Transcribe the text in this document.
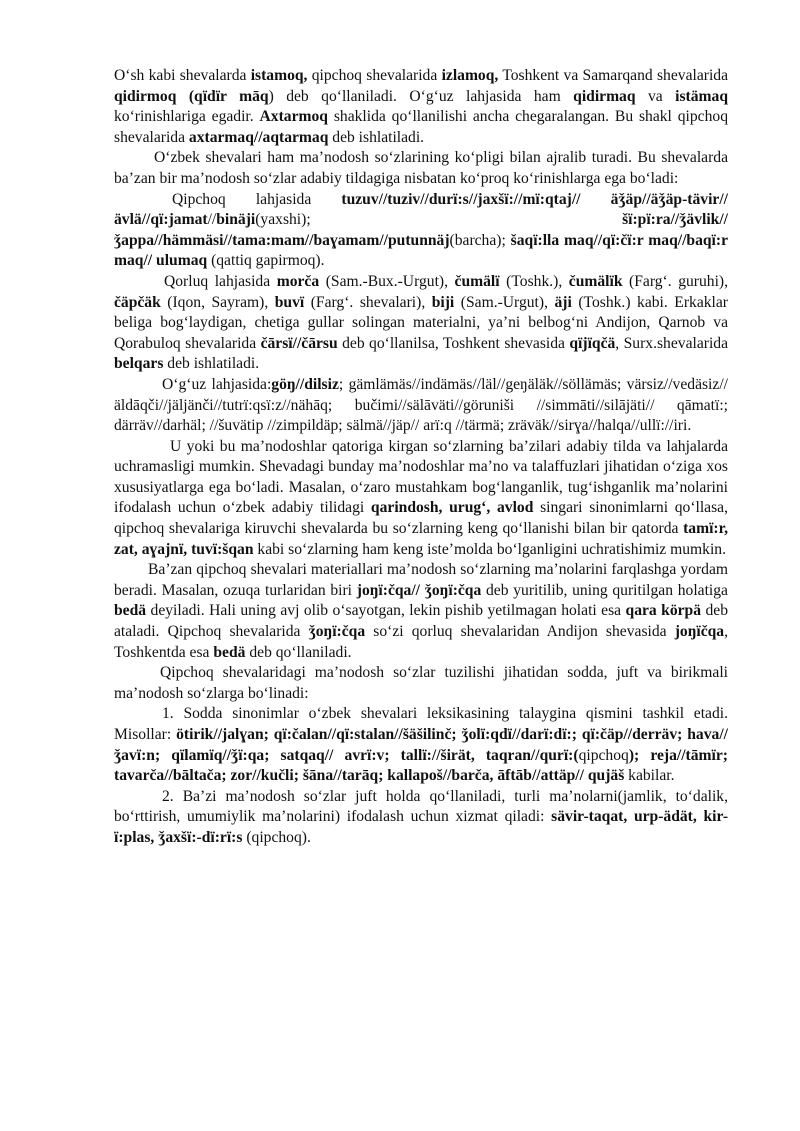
O‘sh kabi shevalarda istamoq, qipchoq shevalarida izlamoq, Toshkent va Samarqand shevalarida qidirmoq (qïdïr māq) deb qo‘llaniladi. O‘g‘uz lahjasida ham qidirmaq va istämaq ko‘rinishlariga egadir. Axtarmoq shaklida qo‘llanilishi ancha chegaralangan. Bu shakl qipchoq shevalarida axtarmaq//aqtarmaq deb ishlatiladi.

O‘zbek shevalari ham ma’nodosh so‘zlarining ko‘pligi bilan ajralib turadi. Bu shevalarda ba’zan bir ma’nodosh so‘zlar adabiy tildagiga nisbatan ko‘proq ko‘rinishlarga ega bo‘ladi:

Qipchoq lahjasida tuzuv//tuziv//durï:s//jaxšï://mï:qtaj// äǯäp//äǯäp-tävir//ävlä//qï:jamat//binäji(yaxshi); šï:pï:ra//ǯävlik//ǯappa//hämmäsi//tama:mam//baɣamam//putunnäj(barcha); šaqï:lla maq//qï:čï:r maq//baqï:r maq// ulumaq (qattiq gapirmoq).

Qorluq lahjasida morča (Sam.-Bux.-Urgut), čumälï (Toshk.), čumälïk (Farg‘. guruhi), čäpčäk (Iqon, Sayram), buvï (Farg‘. shevalari), biji (Sam.-Urgut), äji (Toshk.) kabi. Erkaklar beliga bog‘laydigan, chetiga gullar solingan materialni, ya’ni belbog‘ni Andijon, Qarnob va Qorabuloq shevalarida čārsï//čārsu deb qo‘llanilsa, Toshkent shevasida qïjïqčä, Surx.shevalarida belqars deb ishlatiladi.

O‘g‘uz lahjasida:göŋ//dilsiz; gämlämäs//indämäs//läl//geŋäläk//söllämäs; värsiz//vedäsiz//äldāqči//jäljänči//tutrï:qsï:z//nähāq; bučimi//sälāväti//göruniši //simmāti//silājäti// qāmatï:; därräv//darhäl; //šuvätip //zimpildäp; sälmä//jäp// arï:q //tärmä; zräväk//sirɣa//halqa//ullï://iri.

U yoki bu ma’nodoshlar qatoriga kirgan so‘zlarning ba’zilari adabiy tilda va lahjalarda uchramasligi mumkin. Shevadagi bunday ma’nodoshlar ma’no va talaffuzlari jihatidan o‘ziga xos xususiyatlarga ega bo‘ladi. Masalan, o‘zaro mustahkam bog‘langanlik, tug‘ishganlik ma’nolarini ifodalash uchun o‘zbek adabiy tilidagi qarindosh, urug‘, avlod singari sinonimlarni qo‘llasa, qipchoq shevalariga kiruvchi shevalarda bu so‘zlarning keng qo‘llanishi bilan bir qatorda tamï:r, zat, aɣajnï, tuvï:šqan kabi so‘zlarning ham keng iste’molda bo‘lganligini uchratishimiz mumkin.

Ba’zan qipchoq shevalari materiallari ma’nodosh so‘zlarning ma’nolarini farqlashga yordam beradi. Masalan, ozuqa turlaridan biri joŋï:čqa// ǯoŋï:čqa deb yuritilib, uning quritilgan holatiga bedä deyiladi. Hali uning avj olib o‘sayotgan, lekin pishib yetilmagan holati esa qara körpä deb ataladi. Qipchoq shevalarida ǯoŋï:čqa so‘zi qorluq shevalaridan Andijon shevasida joŋïčqa, Toshkentda esa bedä deb qo‘llaniladi.

Qipchoq shevalaridagi ma’nodosh so‘zlar tuzilishi jihatidan sodda, juft va birikmali ma’nodosh so‘zlarga bo‘linadi:

1. Sodda sinonimlar o‘zbek shevalari leksikasining talaygina qismini tashkil etadi. Misollar: ötirik//jalɣan; qï:čalan//qï:stalan//šäšilinč; ǯolï:qdï//darï:dï:; qï:čäp//derräv; hava//ǯavï:n; qïlamïq//ǯï:qa; satqaq// avrï:v; tallï://širät, taqran//qurï:(qipchoq); reja//tāmïr; tavarča//bāltača; zor//kučli; šāna//tarāq; kallapoš//barča, āftāb//attäp// qujäš kabilar.

2. Ba’zi ma’nodosh so‘zlar juft holda qo‘llaniladi, turli ma’nolarni(jamlik, to‘dalik, bo‘rttirish, umumiylik ma’nolarini) ifodalash uchun xizmat qiladi: sävir-taqat, urp-ädät, kir-ï:plas, ǯaxšï:-dï:rï:s (qipchoq).
